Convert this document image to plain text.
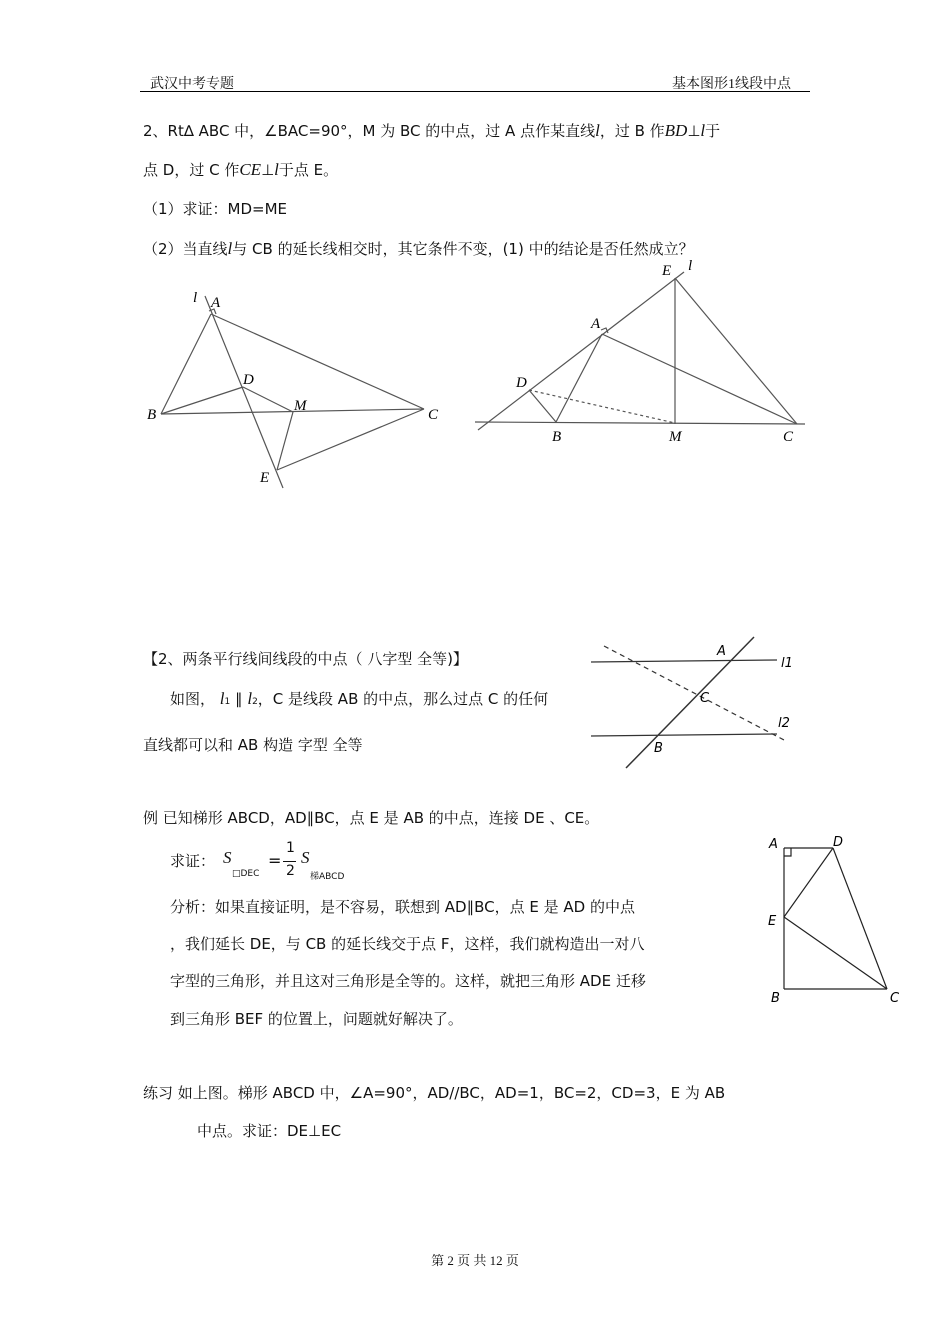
武汉中考专题	基本图形1线段中点
2、Rt∆ ABC 中，∠BAC=90°，M 为 BC 的中点，过 A 点作某直线l，过 B 作BD⊥l于
点 D，过 C 作CE⊥l于点 E。
（1）求证：MD=ME
（2）当直线l与 CB 的延长线相交时，其它条件不变，(1) 中的结论是否任然成立？
l A
B	C
D
M
E
E l
A
D
B	M	C
【2、两条平行线间线段的中点（ 八字型 全等)】
如图， l1 ∥ l2，C 是线段 AB 的中点，那么过点 C 的任何
直线都可以和 AB 构造 字型 全等
A
l1
C
l2
B
例 已知梯形 ABCD，AD∥BC，点 E 是 AB 的中点，连接 DE 、CE。
求证： S
□DEC
=
1
2
S
梯ABCD
分析：如果直接证明，是不容易，联想到 AD∥BC，点 E 是 AD 的中点
，我们延长 DE，与 CB 的延长线交于点 F，这样，我们就构造出一对八
字型的三角形，并且这对三角形是全等的。这样，就把三角形 ADE 迁移
到三角形 BEF 的位置上，问题就好解决了。
A	D
E
B	C
练习 如上图。梯形 ABCD 中，∠A=90°，AD//BC，AD=1，BC=2，CD=3，E 为 AB
中点。求证：DE⊥EC
第 2 页 共 12 页
